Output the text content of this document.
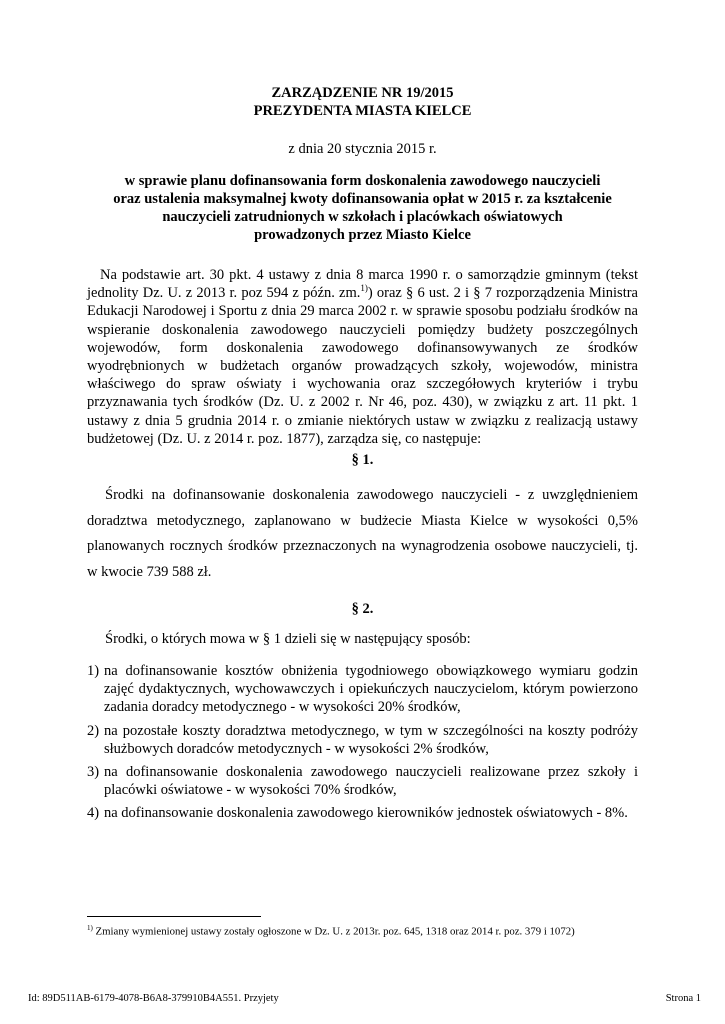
ZARZĄDZENIE NR 19/2015
PREZYDENTA MIASTA KIELCE
z dnia 20 stycznia 2015 r.
w sprawie planu dofinansowania form doskonalenia zawodowego nauczycieli
oraz ustalenia maksymalnej kwoty dofinansowania opłat w 2015 r. za kształcenie
nauczycieli zatrudnionych w szkołach i placówkach oświatowych
prowadzonych przez Miasto Kielce
Na podstawie art. 30 pkt. 4 ustawy z dnia 8 marca 1990 r. o samorządzie gminnym (tekst jednolity Dz. U. z 2013 r. poz 594 z późn. zm.$^{1)}$) oraz § 6 ust. 2 i § 7 rozporządzenia Ministra Edukacji Narodowej i Sportu z dnia 29 marca 2002 r. w sprawie sposobu podziału środków na wspieranie doskonalenia zawodowego nauczycieli pomiędzy budżety poszczególnych wojewodów, form doskonalenia zawodowego dofinansowywanych ze środków wyodrębnionych w budżetach organów prowadzących szkoły, wojewodów, ministra właściwego do spraw oświaty i wychowania oraz szczegółowych kryteriów i trybu przyznawania tych środków (Dz. U. z 2002 r. Nr 46, poz. 430), w związku z art. 11 pkt. 1 ustawy z dnia 5 grudnia 2014 r. o zmianie niektórych ustaw w związku z realizacją ustawy budżetowej (Dz. U. z 2014 r. poz. 1877), zarządza się, co następuje:
§ 1.
Środki na dofinansowanie doskonalenia zawodowego nauczycieli - z uwzględnieniem doradztwa metodycznego, zaplanowano w budżecie Miasta Kielce w wysokości 0,5% planowanych rocznych środków przeznaczonych na wynagrodzenia osobowe nauczycieli, tj. w kwocie 739 588 zł.
§ 2.
Środki, o których mowa w § 1 dzieli się w następujący sposób:
1) na dofinansowanie kosztów obniżenia tygodniowego obowiązkowego wymiaru godzin zajęć dydaktycznych, wychowawczych i opiekuńczych nauczycielom, którym powierzono zadania doradcy metodycznego - w wysokości 20% środków,
2) na pozostałe koszty doradztwa metodycznego, w tym w szczególności na koszty podróży służbowych doradców metodycznych - w wysokości 2% środków,
3) na dofinansowanie doskonalenia zawodowego nauczycieli realizowane przez szkoły i placówki oświatowe - w wysokości 70% środków,
4) na dofinansowanie doskonalenia zawodowego kierowników jednostek oświatowych - 8%.
$^{1)}$ Zmiany wymienionej ustawy zostały ogłoszone w Dz. U. z 2013r. poz. 645, 1318 oraz 2014 r. poz. 379 i 1072)
Id: 89D511AB-6179-4078-B6A8-379910B4A551. Przyjety	Strona 1
